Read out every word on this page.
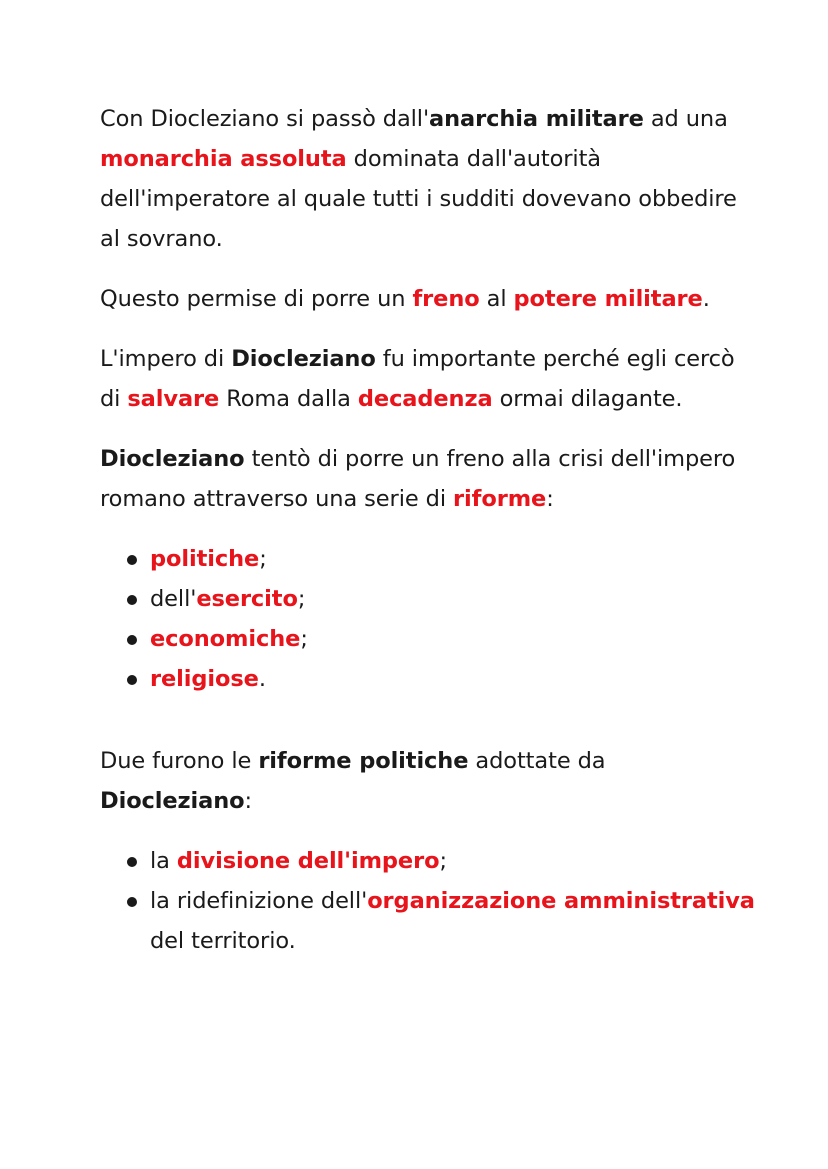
Con Diocleziano si passò dall'anarchia militare ad una monarchia assoluta dominata dall'autorità dell'imperatore al quale tutti i sudditi dovevano obbedire al sovrano.

Questo permise di porre un freno al potere militare.

L'impero di Diocleziano fu importante perché egli cercò di salvare Roma dalla decadenza ormai dilagante.

Diocleziano tentò di porre un freno alla crisi dell'impero romano attraverso una serie di riforme:

politiche;
dell'esercito;
economiche;
religiose.

Due furono le riforme politiche adottate da Diocleziano:

la divisione dell'impero;
la ridefinizione dell'organizzazione amministrativa del territorio.
